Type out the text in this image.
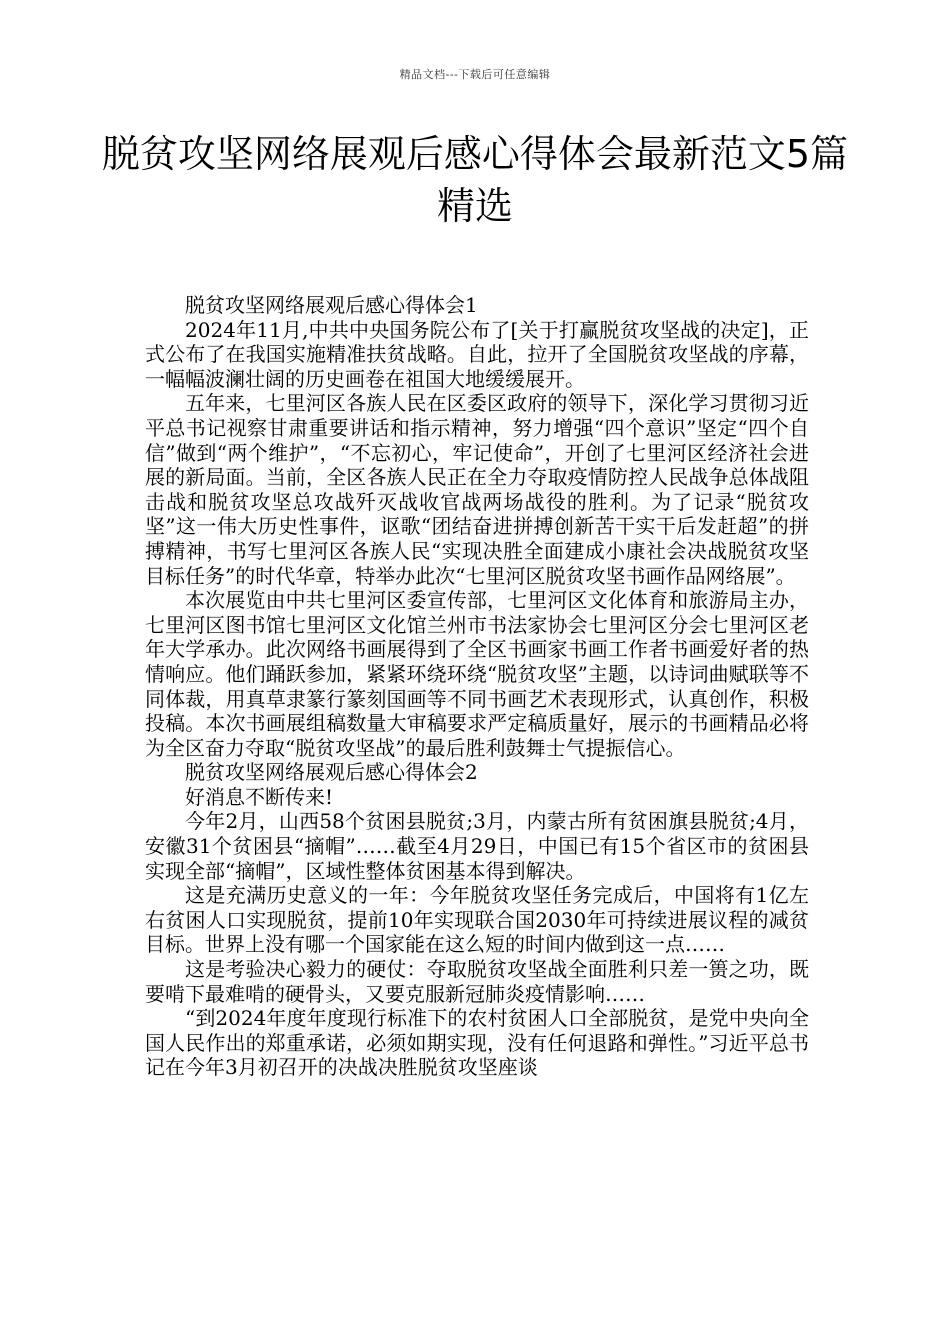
精品文档---下载后可任意编辑
脱贫攻坚网络展观后感心得体会最新范文5篇精选

脱贫攻坚网络展观后感心得体会1

2024年11月,中共中央国务院公布了[关于打赢脱贫攻坚战的决定]，正式公布了在我国实施精准扶贫战略。自此，拉开了全国脱贫攻坚战的序幕，一幅幅波澜壮阔的历史画卷在祖国大地缓缓展开。

五年来，七里河区各族人民在区委区政府的领导下，深化学习贯彻习近平总书记视察甘肃重要讲话和指示精神，努力增强“四个意识”坚定“四个自信”做到“两个维护”，“不忘初心，牢记使命”，开创了七里河区经济社会进展的新局面。当前，全区各族人民正在全力夺取疫情防控人民战争总体战阻击战和脱贫攻坚总攻战歼灭战收官战两场战役的胜利。为了记录“脱贫攻坚”这一伟大历史性事件，讴歌“团结奋进拼搏创新苦干实干后发赶超”的拼搏精神，书写七里河区各族人民“实现决胜全面建成小康社会决战脱贫攻坚目标任务”的时代华章，特举办此次“七里河区脱贫攻坚书画作品网络展”。

本次展览由中共七里河区委宣传部，七里河区文化体育和旅游局主办，七里河区图书馆七里河区文化馆兰州市书法家协会七里河区分会七里河区老年大学承办。此次网络书画展得到了全区书画家书画工作者书画爱好者的热情响应。他们踊跃参加，紧紧环绕环绕“脱贫攻坚”主题，以诗词曲赋联等不同体裁，用真草隶篆行篆刻国画等不同书画艺术表现形式，认真创作，积极投稿。本次书画展组稿数量大审稿要求严定稿质量好，展示的书画精品必将为全区奋力夺取“脱贫攻坚战”的最后胜利鼓舞士气提振信心。

脱贫攻坚网络展观后感心得体会2

好消息不断传来!

今年2月，山西58个贫困县脱贫;3月，内蒙古所有贫困旗县脱贫;4月，安徽31个贫困县“摘帽”……截至4月29日，中国已有15个省区市的贫困县实现全部“摘帽”，区域性整体贫困基本得到解决。

这是充满历史意义的一年：今年脱贫攻坚任务完成后，中国将有1亿左右贫困人口实现脱贫，提前10年实现联合国2030年可持续进展议程的减贫目标。世界上没有哪一个国家能在这么短的时间内做到这一点……

这是考验决心毅力的硬仗：夺取脱贫攻坚战全面胜利只差一篑之功，既要啃下最难啃的硬骨头，又要克服新冠肺炎疫情影响……

“到2024年度年度现行标准下的农村贫困人口全部脱贫，是党中央向全国人民作出的郑重承诺，必须如期实现，没有任何退路和弹性。”习近平总书记在今年3月初召开的决战决胜脱贫攻坚座谈
